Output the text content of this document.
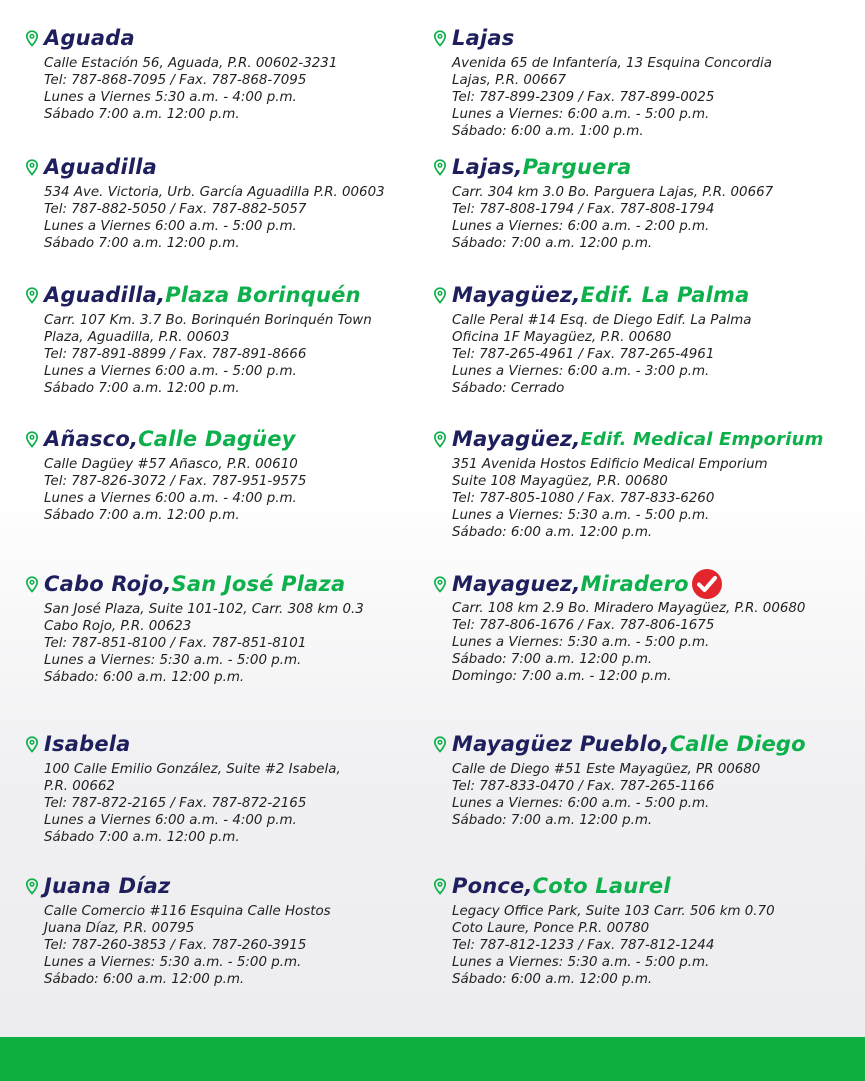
Aguada
Calle Estación 56, Aguada, P.R. 00602-3231
Tel: 787-868-7095 / Fax. 787-868-7095
Lunes a Viernes 5:30 a.m. - 4:00 p.m.
Sábado 7:00 a.m. 12:00 p.m.
Aguadilla
534 Ave. Victoria, Urb. García Aguadilla P.R. 00603
Tel: 787-882-5050 / Fax. 787-882-5057
Lunes a Viernes 6:00 a.m. - 5:00 p.m.
Sábado 7:00 a.m. 12:00 p.m.
Aguadilla, Plaza Borinquén
Carr. 107 Km. 3.7 Bo. Borinquén Borinquén Town
Plaza, Aguadilla, P.R. 00603
Tel: 787-891-8899 / Fax. 787-891-8666
Lunes a Viernes 6:00 a.m. - 5:00 p.m.
Sábado 7:00 a.m. 12:00 p.m.
Añasco, Calle Dagüey
Calle Dagüey #57 Añasco, P.R. 00610
Tel: 787-826-3072 / Fax. 787-951-9575
Lunes a Viernes 6:00 a.m. - 4:00 p.m.
Sábado 7:00 a.m. 12:00 p.m.
Cabo Rojo, San José Plaza
San José Plaza, Suite 101-102, Carr. 308 km 0.3
Cabo Rojo, P.R. 00623
Tel: 787-851-8100 / Fax. 787-851-8101
Lunes a Viernes: 5:30 a.m. - 5:00 p.m.
Sábado: 6:00 a.m. 12:00 p.m.
Isabela
100 Calle Emilio González, Suite #2 Isabela,
P.R. 00662
Tel: 787-872-2165 / Fax. 787-872-2165
Lunes a Viernes 6:00 a.m. - 4:00 p.m.
Sábado 7:00 a.m. 12:00 p.m.
Juana Díaz
Calle Comercio #116 Esquina Calle Hostos
Juana Díaz, P.R. 00795
Tel: 787-260-3853 / Fax. 787-260-3915
Lunes a Viernes: 5:30 a.m. - 5:00 p.m.
Sábado: 6:00 a.m. 12:00 p.m.
Lajas
Avenida 65 de Infantería, 13 Esquina Concordia
Lajas, P.R. 00667
Tel: 787-899-2309 / Fax. 787-899-0025
Lunes a Viernes: 6:00 a.m. - 5:00 p.m.
Sábado: 6:00 a.m. 1:00 p.m.
Lajas, Parguera
Carr. 304 km 3.0 Bo. Parguera Lajas, P.R. 00667
Tel: 787-808-1794 / Fax. 787-808-1794
Lunes a Viernes: 6:00 a.m. - 2:00 p.m.
Sábado: 7:00 a.m. 12:00 p.m.
Mayagüez, Edif. La Palma
Calle Peral #14 Esq. de Diego Edif. La Palma
Oficina 1F Mayagüez, P.R. 00680
Tel: 787-265-4961 / Fax. 787-265-4961
Lunes a Viernes: 6:00 a.m. - 3:00 p.m.
Sábado: Cerrado
Mayagüez, Edif. Medical Emporium
351 Avenida Hostos Edificio Medical Emporium
Suite 108 Mayagüez, P.R. 00680
Tel: 787-805-1080 / Fax. 787-833-6260
Lunes a Viernes: 5:30 a.m. - 5:00 p.m.
Sábado: 6:00 a.m. 12:00 p.m.
Mayaguez, Miradero
Carr. 108 km 2.9 Bo. Miradero Mayagüez, P.R. 00680
Tel: 787-806-1676 / Fax. 787-806-1675
Lunes a Viernes: 5:30 a.m. - 5:00 p.m.
Sábado: 7:00 a.m. 12:00 p.m.
Domingo: 7:00 a.m. - 12:00 p.m.
Mayagüez Pueblo, Calle Diego
Calle de Diego #51 Este Mayagüez, PR 00680
Tel: 787-833-0470 / Fax. 787-265-1166
Lunes a Viernes: 6:00 a.m. - 5:00 p.m.
Sábado: 7:00 a.m. 12:00 p.m.
Ponce, Coto Laurel
Legacy Office Park, Suite 103 Carr. 506 km 0.70
Coto Laure, Ponce P.R. 00780
Tel: 787-812-1233 / Fax. 787-812-1244
Lunes a Viernes: 5:30 a.m. - 5:00 p.m.
Sábado: 6:00 a.m. 12:00 p.m.
